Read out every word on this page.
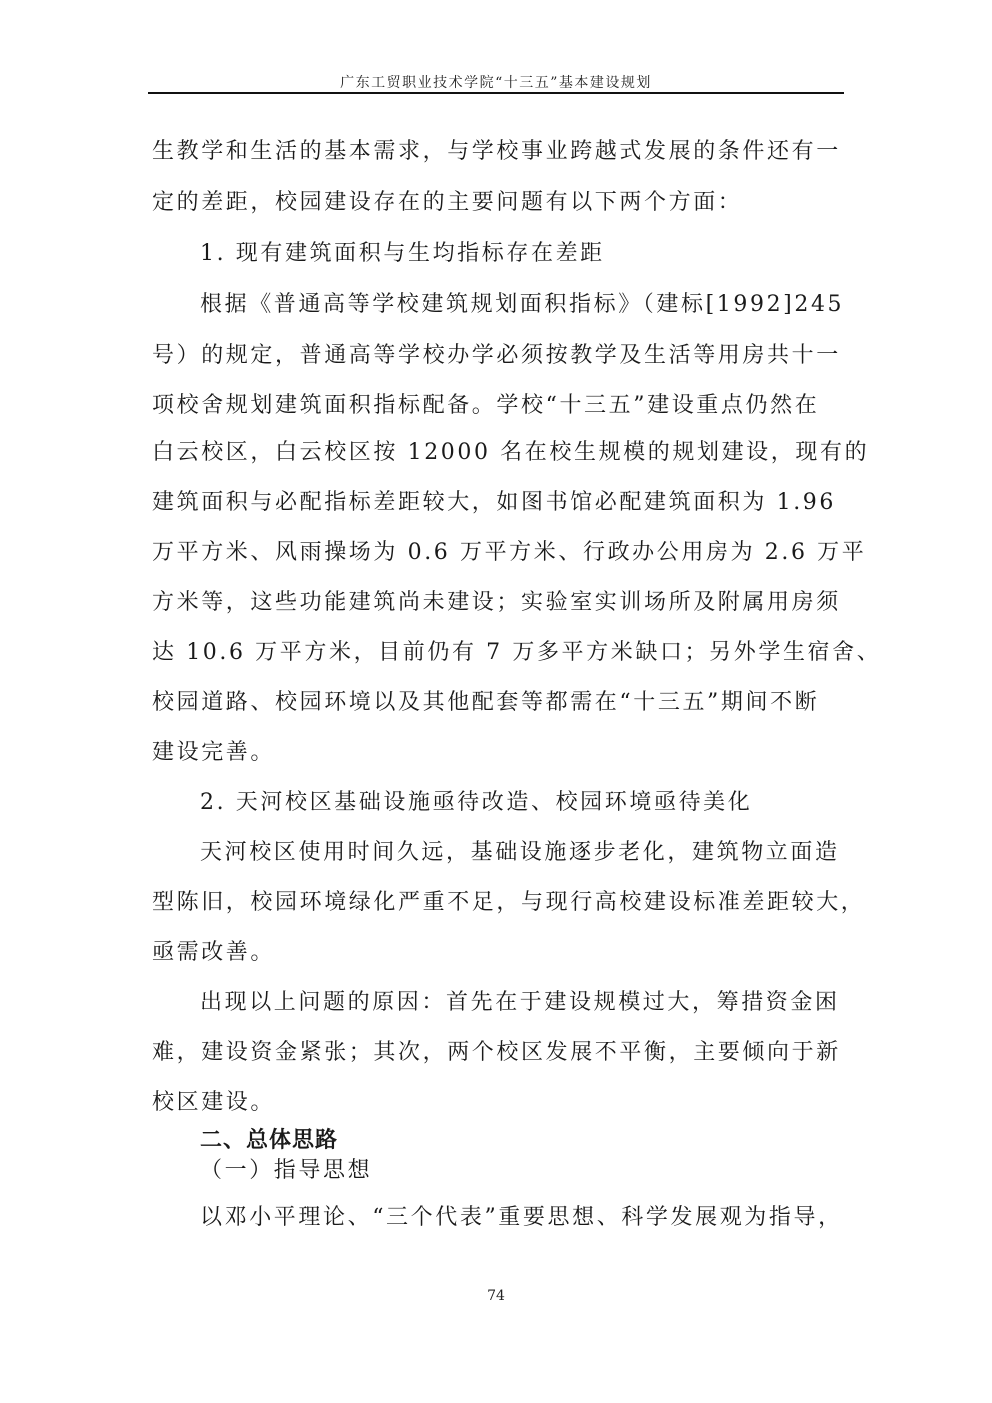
广东工贸职业技术学院“十三五”基本建设规划
生教学和生活的基本需求，与学校事业跨越式发展的条件还有一
定的差距，校园建设存在的主要问题有以下两个方面：
1. 现有建筑面积与生均指标存在差距
根据《普通高等学校建筑规划面积指标》（建标[1992]245
号）的规定，普通高等学校办学必须按教学及生活等用房共十一
项校舍规划建筑面积指标配备。学校“十三五”建设重点仍然在
白云校区，白云校区按 12000 名在校生规模的规划建设，现有的
建筑面积与必配指标差距较大，如图书馆必配建筑面积为 1.96
万平方米、风雨操场为 0.6 万平方米、行政办公用房为 2.6 万平
方米等，这些功能建筑尚未建设；实验室实训场所及附属用房须
达 10.6 万平方米，目前仍有 7 万多平方米缺口；另外学生宿舍、
校园道路、校园环境以及其他配套等都需在“十三五”期间不断
建设完善。
2. 天河校区基础设施亟待改造、校园环境亟待美化
天河校区使用时间久远，基础设施逐步老化，建筑物立面造
型陈旧，校园环境绿化严重不足，与现行高校建设标准差距较大，
亟需改善。
出现以上问题的原因：首先在于建设规模过大，筹措资金困
难，建设资金紧张；其次，两个校区发展不平衡，主要倾向于新
校区建设。
二、总体思路
（一）指导思想
以邓小平理论、“三个代表”重要思想、科学发展观为指导，
74
